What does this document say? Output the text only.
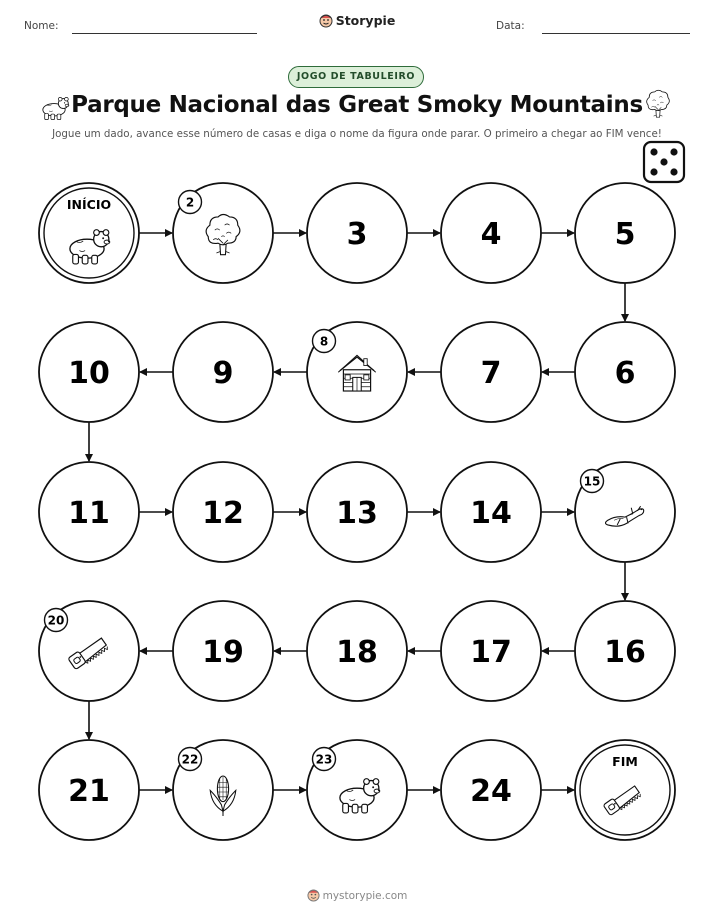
Nome:	Storypie	Data:
JOGO DE TABULEIRO
Parque Nacional das Great Smoky Mountains
Jogue um dado, avance esse número de casas e diga o nome da figura onde parar. O primeiro a chegar ao FIM vence!
INÍCIO	2
3	4	5
6
7
8
9
10
11	12	13	14
15
16
17
18
19
20
21
22	23
24
FIM
mystorypie.com
